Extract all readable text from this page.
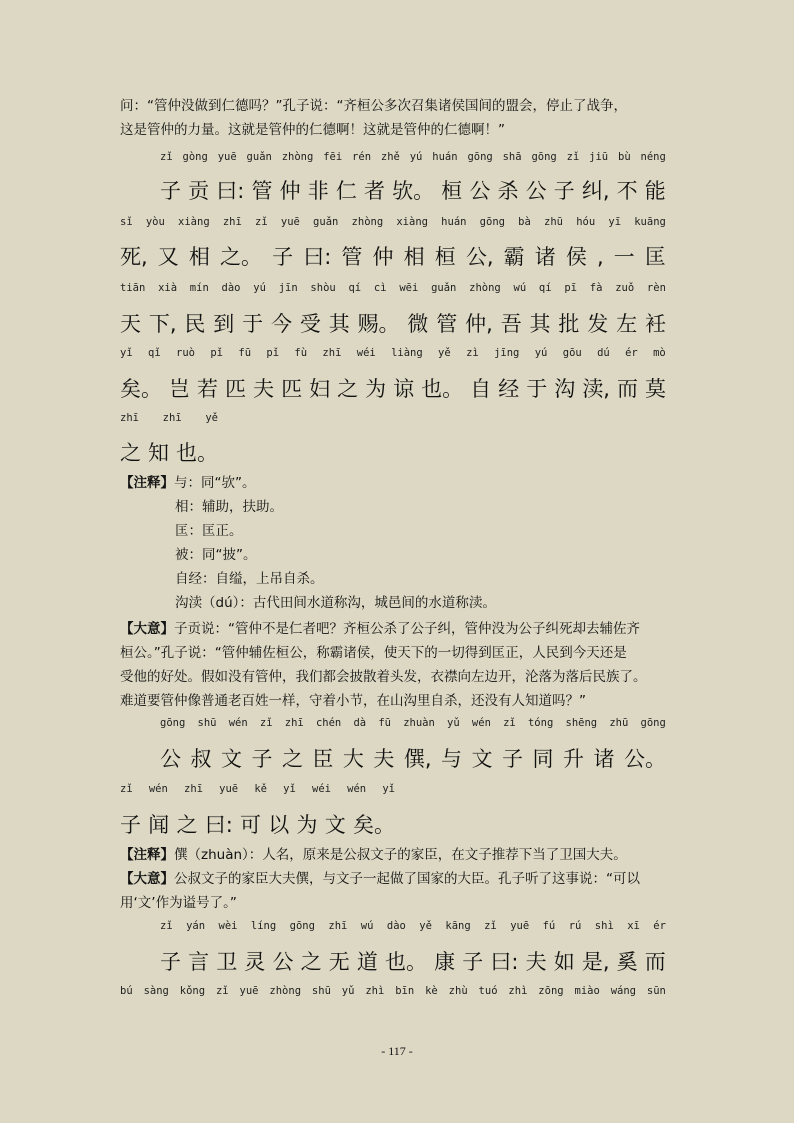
问：“管仲没做到仁德吗？”孔子说：“齐桓公多次召集诸侯国间的盟会，停止了战争，
这是管仲的力量。这就是管仲的仁德啊！这就是管仲的仁德啊！”
zǐ gòng yuē guǎn zhòng fēi rén zhě yú huán gōng shā gōng zǐ jiū bù néng
子 贡 曰: 管 仲 非 仁 者 欤。 桓 公 杀 公 子 纠, 不 能
sǐ yòu xiàng zhī zǐ yuē guǎn zhòng xiàng huán gōng bà zhū hóu yī kuāng
死, 又 相 之。 子 曰: 管 仲 相 桓 公, 霸 诸 侯 , 一 匡
tiān xià mín dào yú jīn shòu qí cì wēi guǎn zhòng wú qí pī fà zuǒ rèn
天 下, 民 到 于 今 受 其 赐。 微 管 仲, 吾 其 批 发 左 衽
yǐ qǐ ruò pǐ fū pǐ fù zhī wéi liàng yě zì jīng yú gōu dú ér mò
矣。 岂 若 匹 夫 匹 妇 之 为 谅 也。 自 经 于 沟 渎, 而 莫
zhī zhī yě
之 知 也。
【注释】与：同“欤”。
相：辅助，扶助。
匡：匡正。
被：同“披”。
自经：自缢，上吊自杀。
沟渎（dú）：古代田间水道称沟，城邑间的水道称渎。
【大意】子贡说：“管仲不是仁者吧？齐桓公杀了公子纠，管仲没为公子纠死却去辅佐齐
桓公。”孔子说：“管仲辅佐桓公，称霸诸侯，使天下的一切得到匡正，人民到今天还是
受他的好处。假如没有管仲，我们都会披散着头发，衣襟向左边开，沦落为落后民族了。
难道要管仲像普通老百姓一样，守着小节，在山沟里自杀，还没有人知道吗？”
gōng shū wén zǐ zhī chén dà fū zhuàn yǔ wén zǐ tóng shēng zhū gōng
公 叔 文 子 之 臣 大 夫 僎, 与 文 子 同 升 诸 公。
zǐ wén zhī yuē kě yǐ wéi wén yǐ
子 闻 之 曰: 可 以 为 文 矣。
【注释】僎（zhuàn）：人名，原来是公叔文子的家臣，在文子推荐下当了卫国大夫。
【大意】公叔文子的家臣大夫僎，与文子一起做了国家的大臣。孔子听了这事说：“可以
用‘文’作为谥号了。”
zǐ yán wèi líng gōng zhī wú dào yě kāng zǐ yuē fú rú shì xī ér
子 言 卫 灵 公 之 无 道 也。 康 子 曰: 夫 如 是, 奚 而
bú sàng kǒng zǐ yuē zhòng shū yǔ zhì bīn kè zhù tuó zhì zōng miào wáng sūn
- 117 -
